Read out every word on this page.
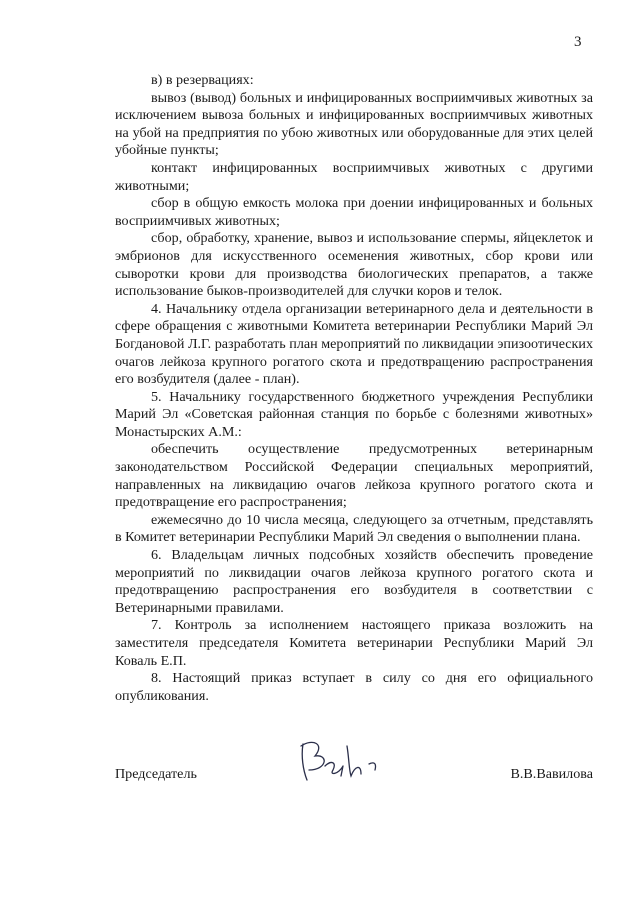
3

в) в резервациях:

вывоз (вывод) больных и инфицированных восприимчивых животных за исключением вывоза больных и инфицированных восприимчивых животных на убой на предприятия по убою животных или оборудованные для этих целей убойные пункты;

контакт инфицированных восприимчивых животных с другими животными;

сбор в общую емкость молока при доении инфицированных и больных восприимчивых животных;

сбор, обработку, хранение, вывоз и использование спермы, яйцеклеток и эмбрионов для искусственного осеменения животных, сбор крови или сыворотки крови для производства биологических препаратов, а также использование быков-производителей для случки коров и телок.

4. Начальнику отдела организации ветеринарного дела и деятельности в сфере обращения с животными Комитета ветеринарии Республики Марий Эл Богдановой Л.Г. разработать план мероприятий по ликвидации эпизоотических очагов лейкоза крупного рогатого скота и предотвращению распространения его возбудителя (далее - план).

5. Начальнику государственного бюджетного учреждения Республики Марий Эл «Советская районная станция по борьбе с болезнями животных» Монастырских А.М.:

обеспечить осуществление предусмотренных ветеринарным законодательством Российской Федерации специальных мероприятий, направленных на ликвидацию очагов лейкоза крупного рогатого скота и предотвращение его распространения;

ежемесячно до 10 числа месяца, следующего за отчетным, представлять в Комитет ветеринарии Республики Марий Эл сведения о выполнении плана.

6. Владельцам личных подсобных хозяйств обеспечить проведение мероприятий по ликвидации очагов лейкоза крупного рогатого скота и предотвращению распространения его возбудителя в соответствии с Ветеринарными правилами.

7. Контроль за исполнением настоящего приказа возложить на заместителя председателя Комитета ветеринарии Республики Марий Эл Коваль Е.П.

8. Настоящий приказ вступает в силу со дня его официального опубликования.

Председатель	В.В.Вавилова
